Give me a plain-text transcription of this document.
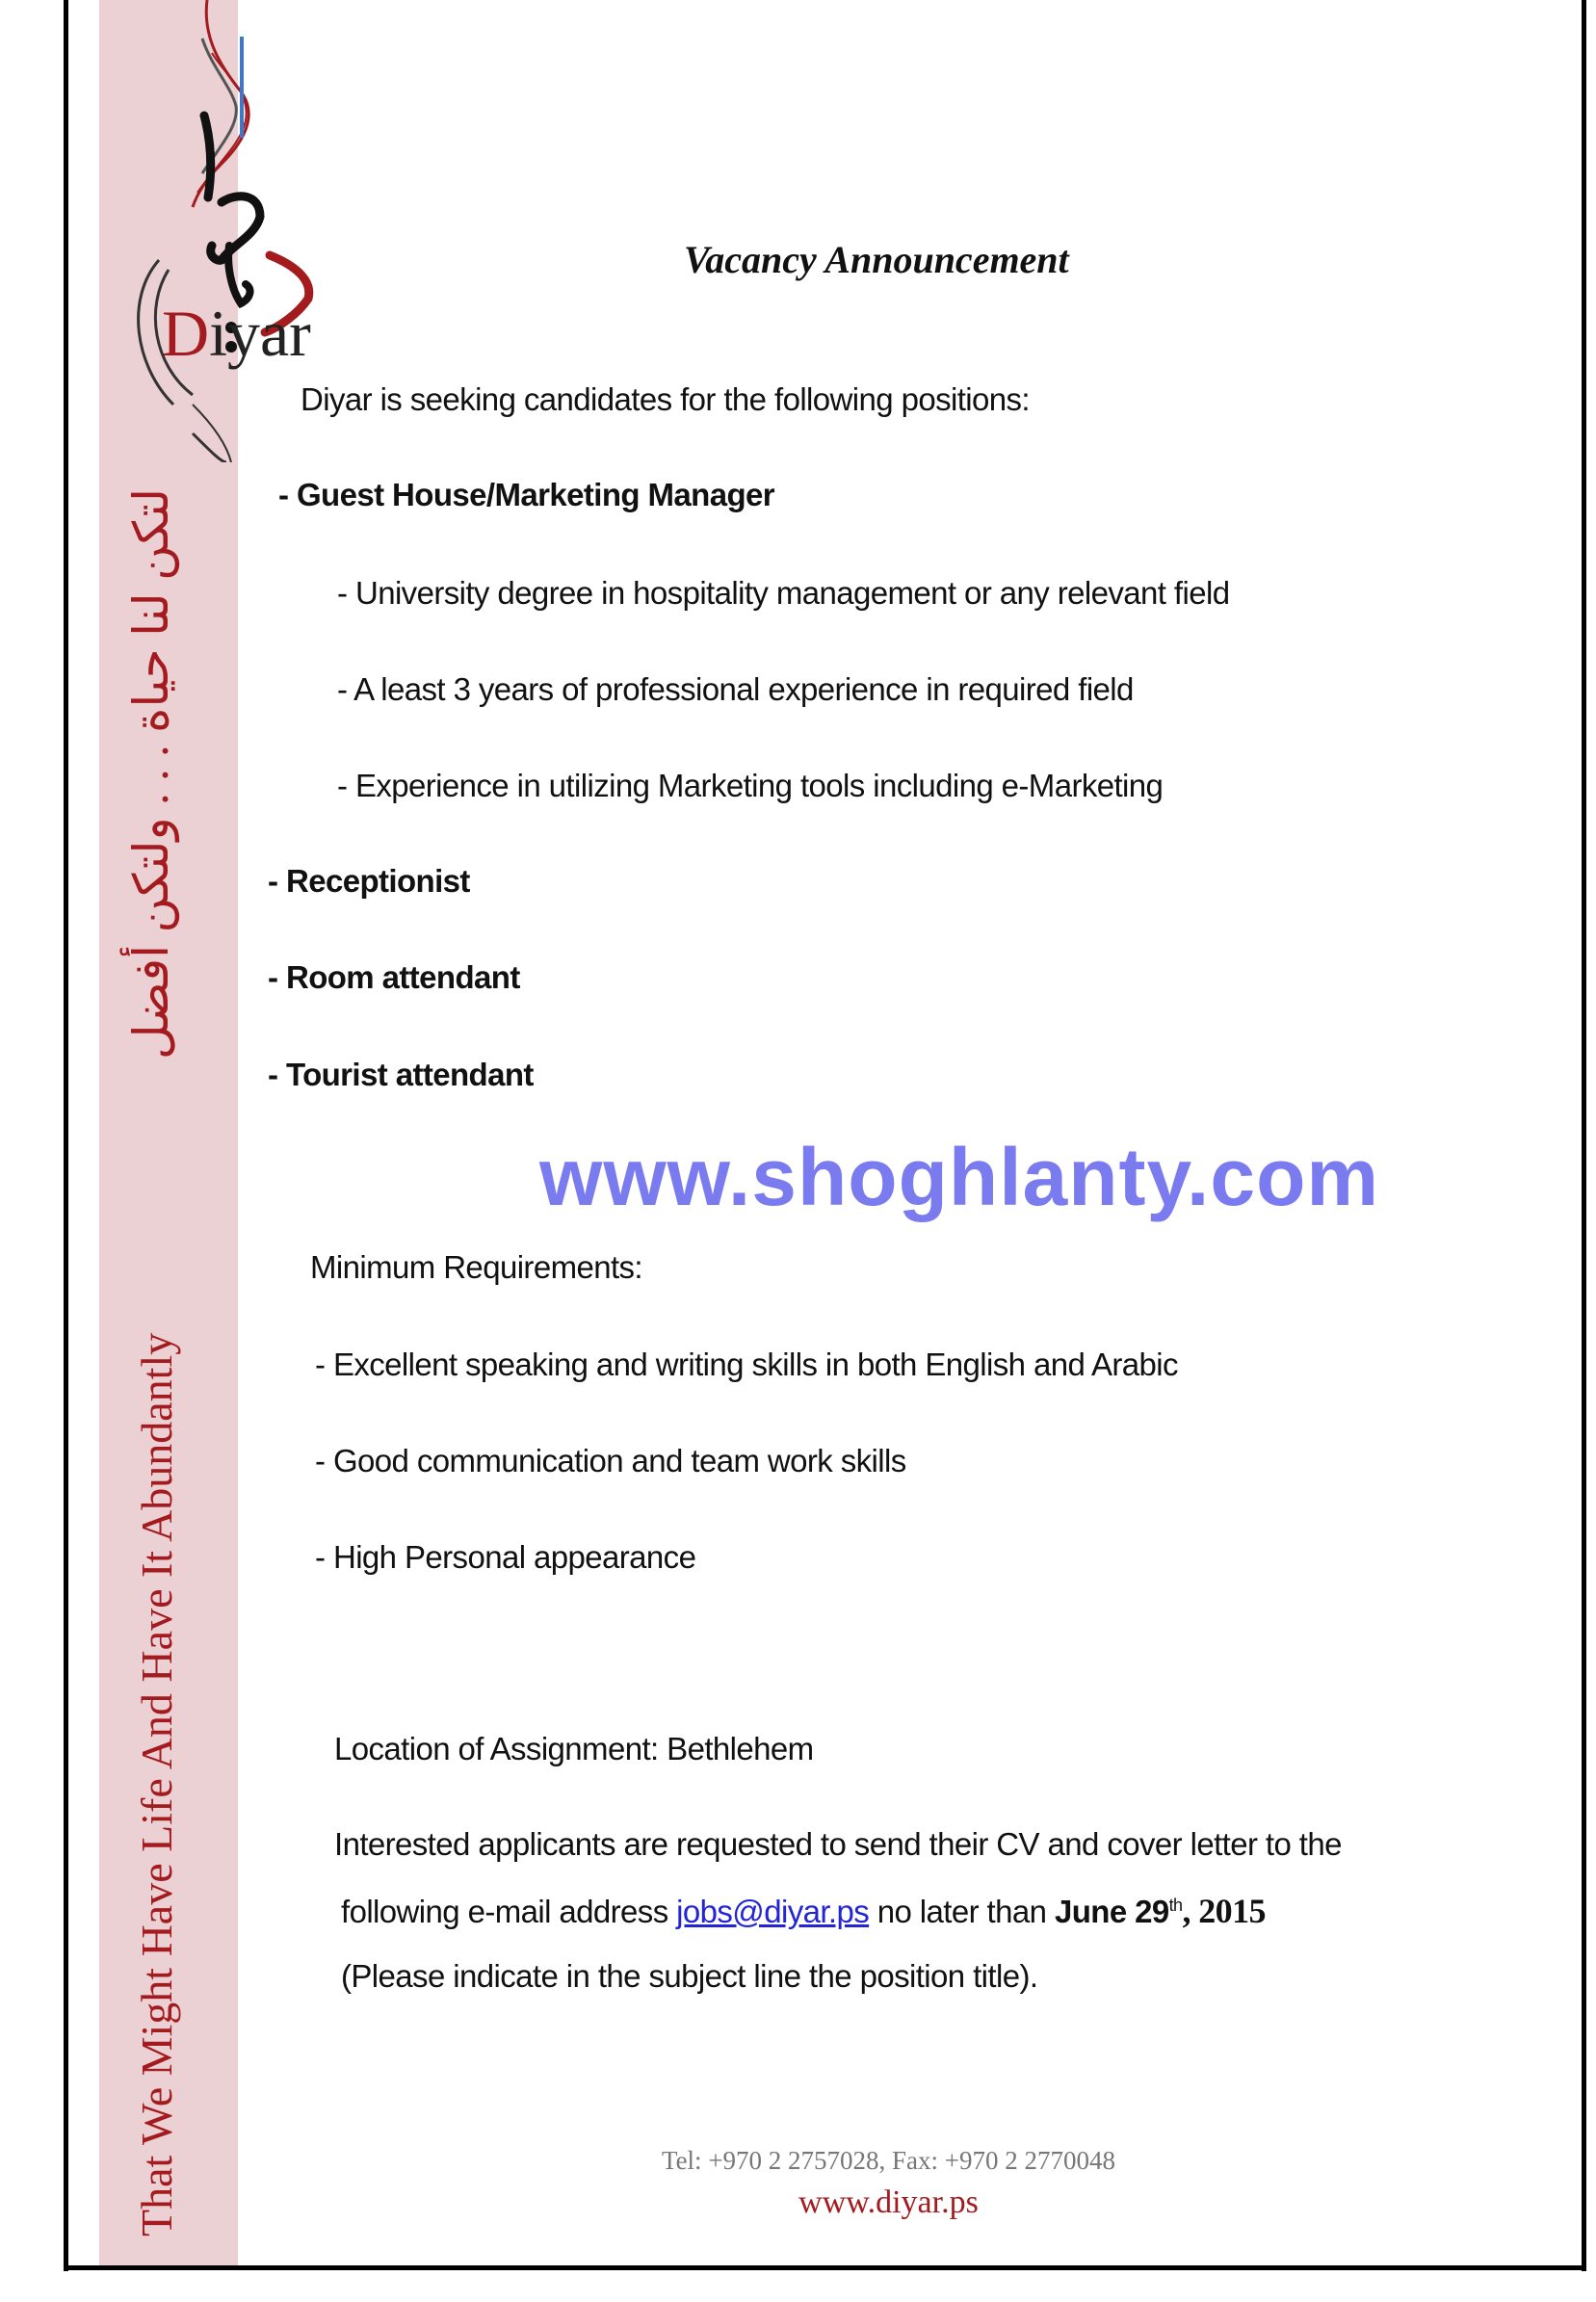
Diyar
That We Might Have Life And Have It Abundantly
لتكن لنا حياة . . . ولتكن أفضل
Vacancy Announcement
Diyar is seeking candidates for the following positions:
- Guest House/Marketing Manager
- University degree in hospitality management or any relevant field
- A least 3 years of professional experience in required field
- Experience in utilizing Marketing tools including e-Marketing
- Receptionist
- Room attendant
- Tourist attendant
www.shoghlanty.com
Minimum Requirements:
- Excellent speaking and writing skills in both English and Arabic
- Good communication and team work skills
- High Personal appearance
Location of Assignment: Bethlehem
Interested applicants are requested to send their CV and cover letter to the
following e-mail address jobs@diyar.ps no later than June 29th, 2015
(Please indicate in the subject line the position title).
Tel: +970 2 2757028, Fax: +970 2 2770048
www.diyar.ps
